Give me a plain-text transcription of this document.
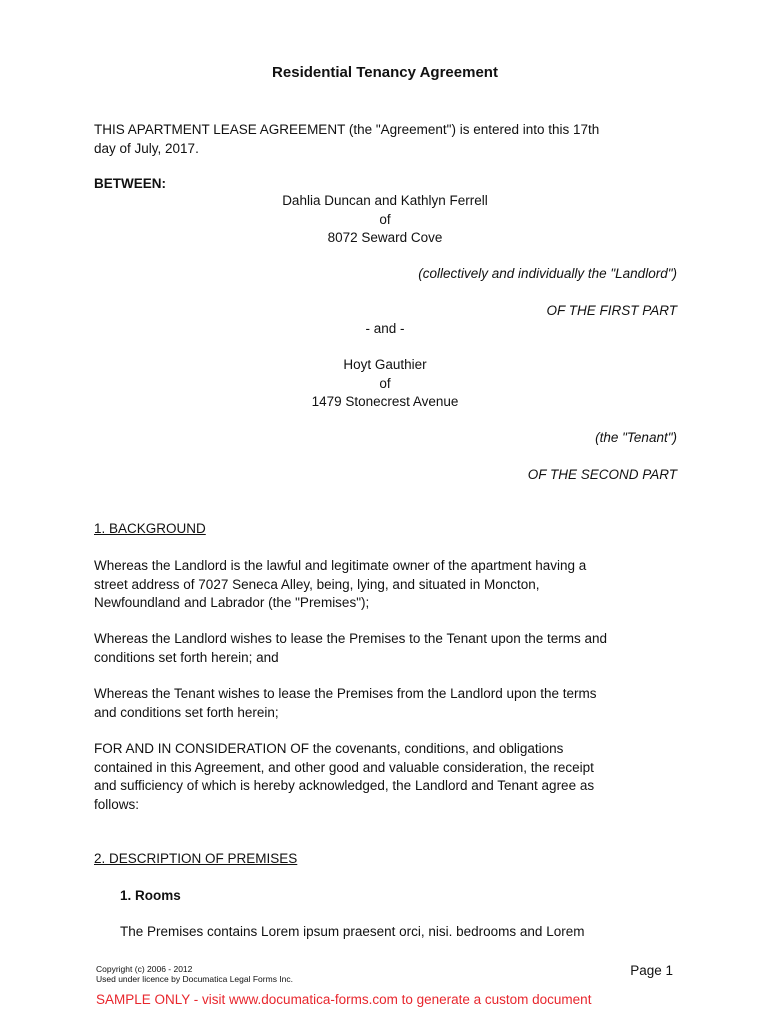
Residential Tenancy Agreement
THIS APARTMENT LEASE AGREEMENT (the "Agreement") is entered into this 17th
day of July, 2017.
BETWEEN:
Dahlia Duncan and Kathlyn Ferrell
of
8072 Seward Cove
(collectively and individually the "Landlord")
OF THE FIRST PART
- and -
Hoyt Gauthier
of
1479 Stonecrest Avenue
(the "Tenant")
OF THE SECOND PART
1. BACKGROUND
Whereas the Landlord is the lawful and legitimate owner of the apartment having a
street address of 7027 Seneca Alley, being, lying, and situated in Moncton,
Newfoundland and Labrador (the "Premises");
Whereas the Landlord wishes to lease the Premises to the Tenant upon the terms and
conditions set forth herein; and
Whereas the Tenant wishes to lease the Premises from the Landlord upon the terms
and conditions set forth herein;
FOR AND IN CONSIDERATION OF the covenants, conditions, and obligations
contained in this Agreement, and other good and valuable consideration, the receipt
and sufficiency of which is hereby acknowledged, the Landlord and Tenant agree as
follows:
2. DESCRIPTION OF PREMISES
1. Rooms
The Premises contains Lorem ipsum praesent orci, nisi. bedrooms and Lorem
Copyright (c) 2006 - 2012
Used under licence by Documatica Legal Forms Inc.
Page 1
SAMPLE ONLY - visit www.documatica-forms.com to generate a custom document
